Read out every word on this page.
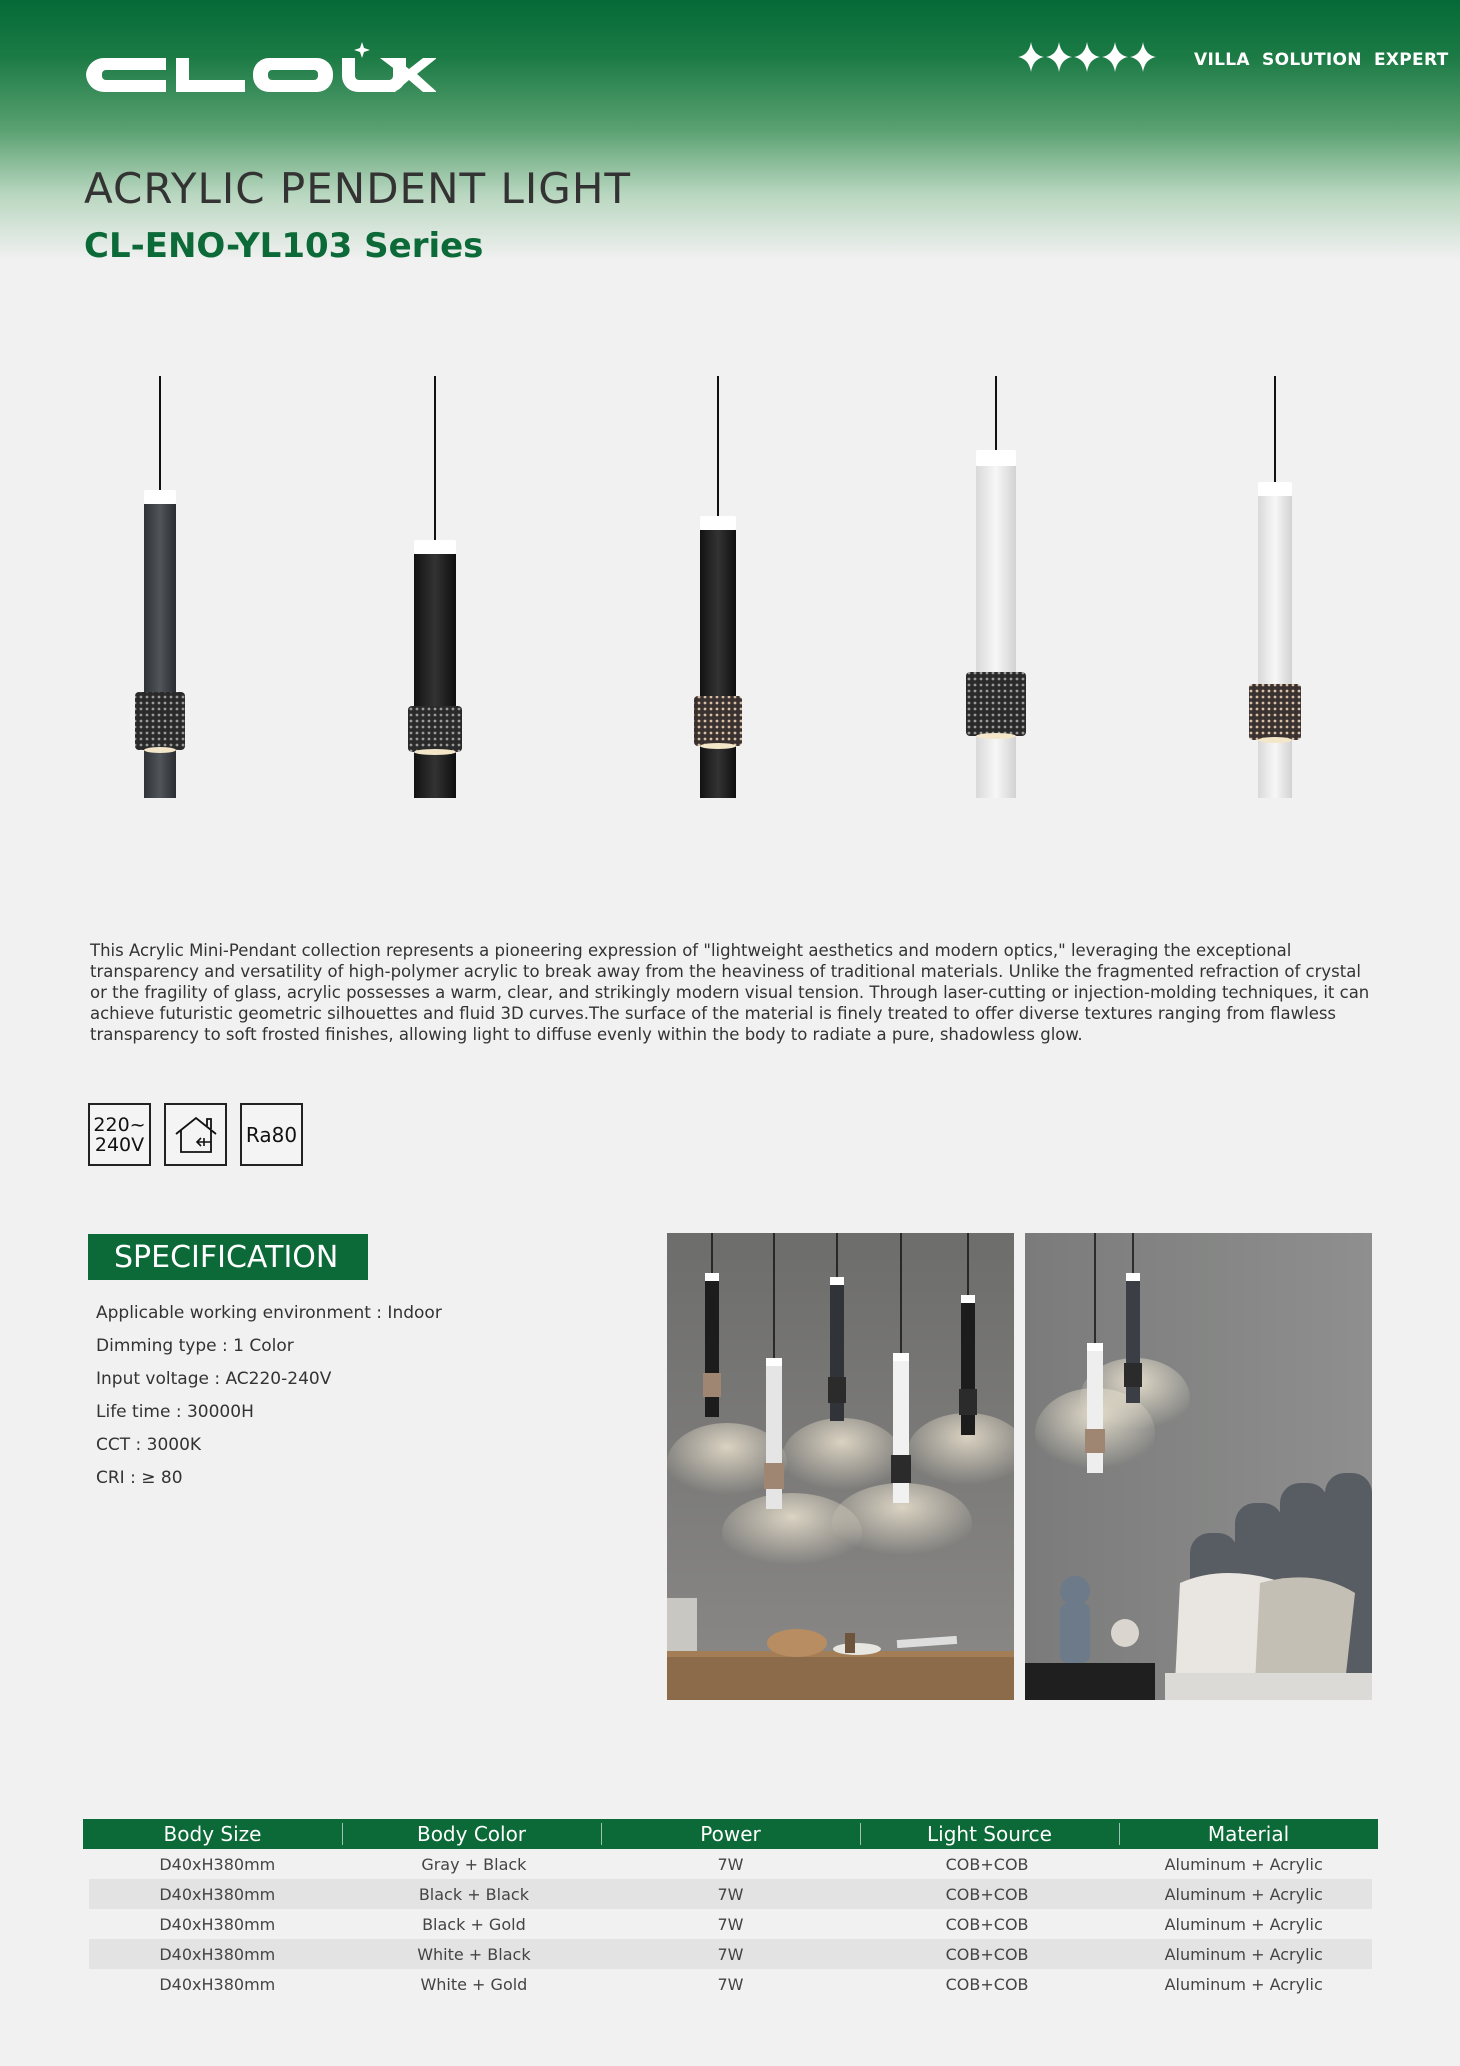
VILLA SOLUTION EXPERT
ACRYLIC PENDENT LIGHT
CL-ENO-YL103 Series

This Acrylic Mini-Pendant collection represents a pioneering expression of "lightweight aesthetics and modern optics," leveraging the exceptional transparency and versatility of high-polymer acrylic to break away from the heaviness of traditional materials. Unlike the fragmented refraction of crystal or the fragility of glass, acrylic possesses a warm, clear, and strikingly modern visual tension. Through laser-cutting or injection-molding techniques, it can achieve futuristic geometric silhouettes and fluid 3D curves.The surface of the material is finely treated to offer diverse textures ranging from flawless transparency to soft frosted finishes, allowing light to diffuse evenly within the body to radiate a pure, shadowless glow.

220~
240V	Ra80
SPECIFICATION
Applicable working environment : Indoor
Dimming type : 1 Color
Input voltage : AC220-240V
Life time : 30000H
CCT : 3000K
CRI : ≥ 80
Body Size	Body Color	Power	Light Source	Material
D40xH380mm	Gray + Black	7W	COB+COB	Aluminum + Acrylic
D40xH380mm	Black + Black	7W	COB+COB	Aluminum + Acrylic
D40xH380mm	Black + Gold	7W	COB+COB	Aluminum + Acrylic
D40xH380mm	White + Black	7W	COB+COB	Aluminum + Acrylic
D40xH380mm	White + Gold	7W	COB+COB	Aluminum + Acrylic
